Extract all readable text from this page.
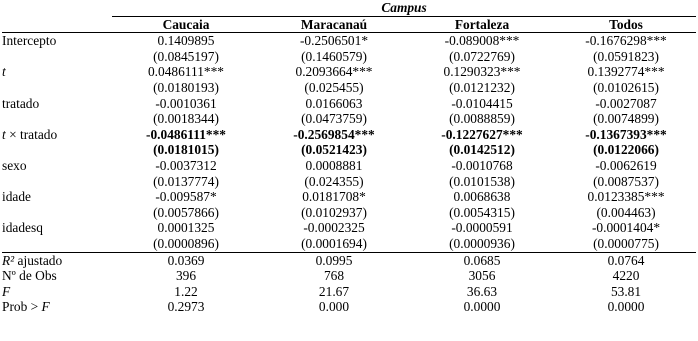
	Campus			
	Caucaia	Maracanaú	Fortaleza	Todos
Intercepto	0.1409895	-0.2506501*	-0.089008***	-0.1676298***
	(0.0845197)	(0.1460579)	(0.0722769)	(0.0591823)
t	0.0486111***	0.2093664***	0.1290323***	0.1392774***
	(0.0180193)	(0.025455)	(0.0121232)	(0.0102615)
tratado	-0.0010361	0.0166063	-0.0104415	-0.0027087
	(0.0018344)	(0.0473759)	(0.0088859)	(0.0074899)
t × tratado	-0.0486111***	-0.2569854***	-0.1227627***	-0.1367393***
	(0.0181015)	(0.0521423)	(0.0142512)	(0.0122066)
sexo	-0.0037312	0.0008881	-0.0010768	-0.0062619
	(0.0137774)	(0.024355)	(0.0101538)	(0.0087537)
idade	-0.009587*	0.0181708*	0.0068638	0.0123385***
	(0.0057866)	(0.0102937)	(0.0054315)	(0.004463)
idadesq	0.0001325	-0.0002325	-0.0000591	-0.0001404*
	(0.0000896)	(0.0001694)	(0.0000936)	(0.0000775)
R² ajustado	0.0369	0.0995	0.0685	0.0764
Nº de Obs	396	768	3056	4220
F	1.22	21.67	36.63	53.81
Prob > F	0.2973	0.000	0.0000	0.0000
